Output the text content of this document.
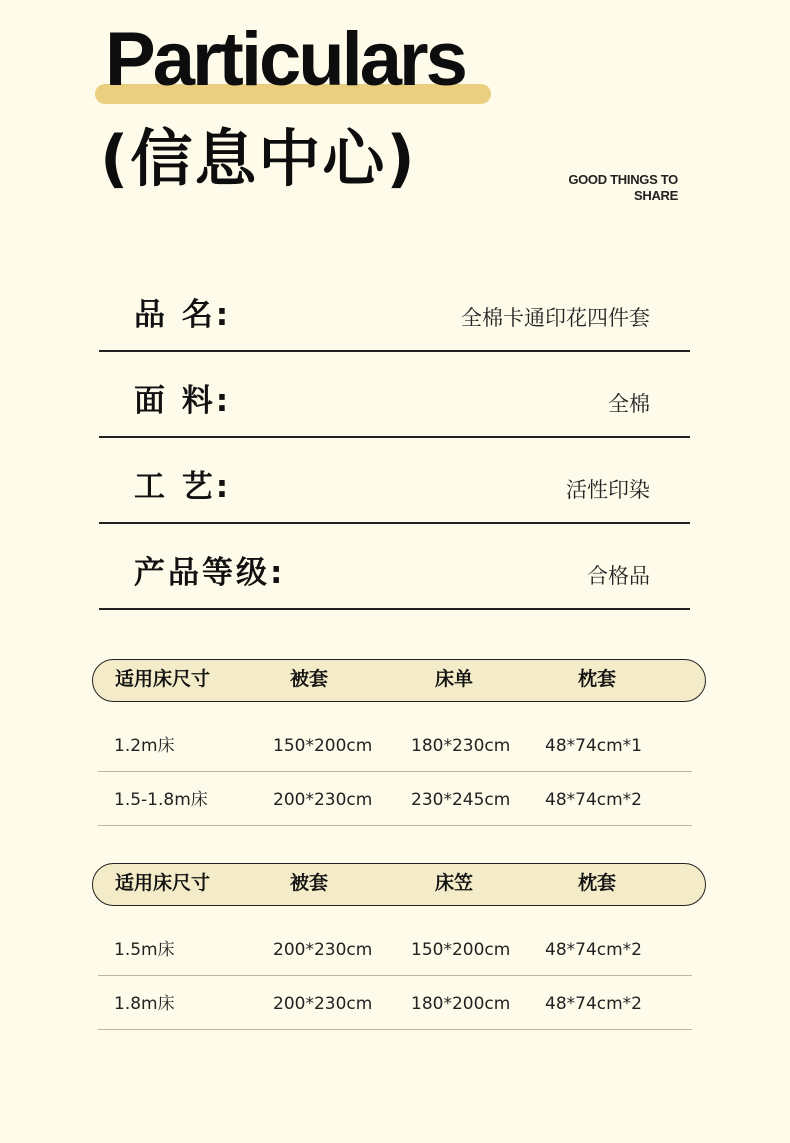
Particulars
(信息中心)	GOOD THINGS TO
SHARE
品 名:	全棉卡通印花四件套
面 料:	全棉
工 艺:	活性印染
产品等级:	合格品
适用床尺寸	被套	床单	枕套
1.2m床	150*200cm 180*230cm 48*74cm*1
1.5-1.8m床	200*230cm 230*245cm 48*74cm*2
适用床尺寸	被套	床笠	枕套
1.5m床	200*230cm 150*200cm 48*74cm*2
1.8m床	200*230cm 180*200cm 48*74cm*2
